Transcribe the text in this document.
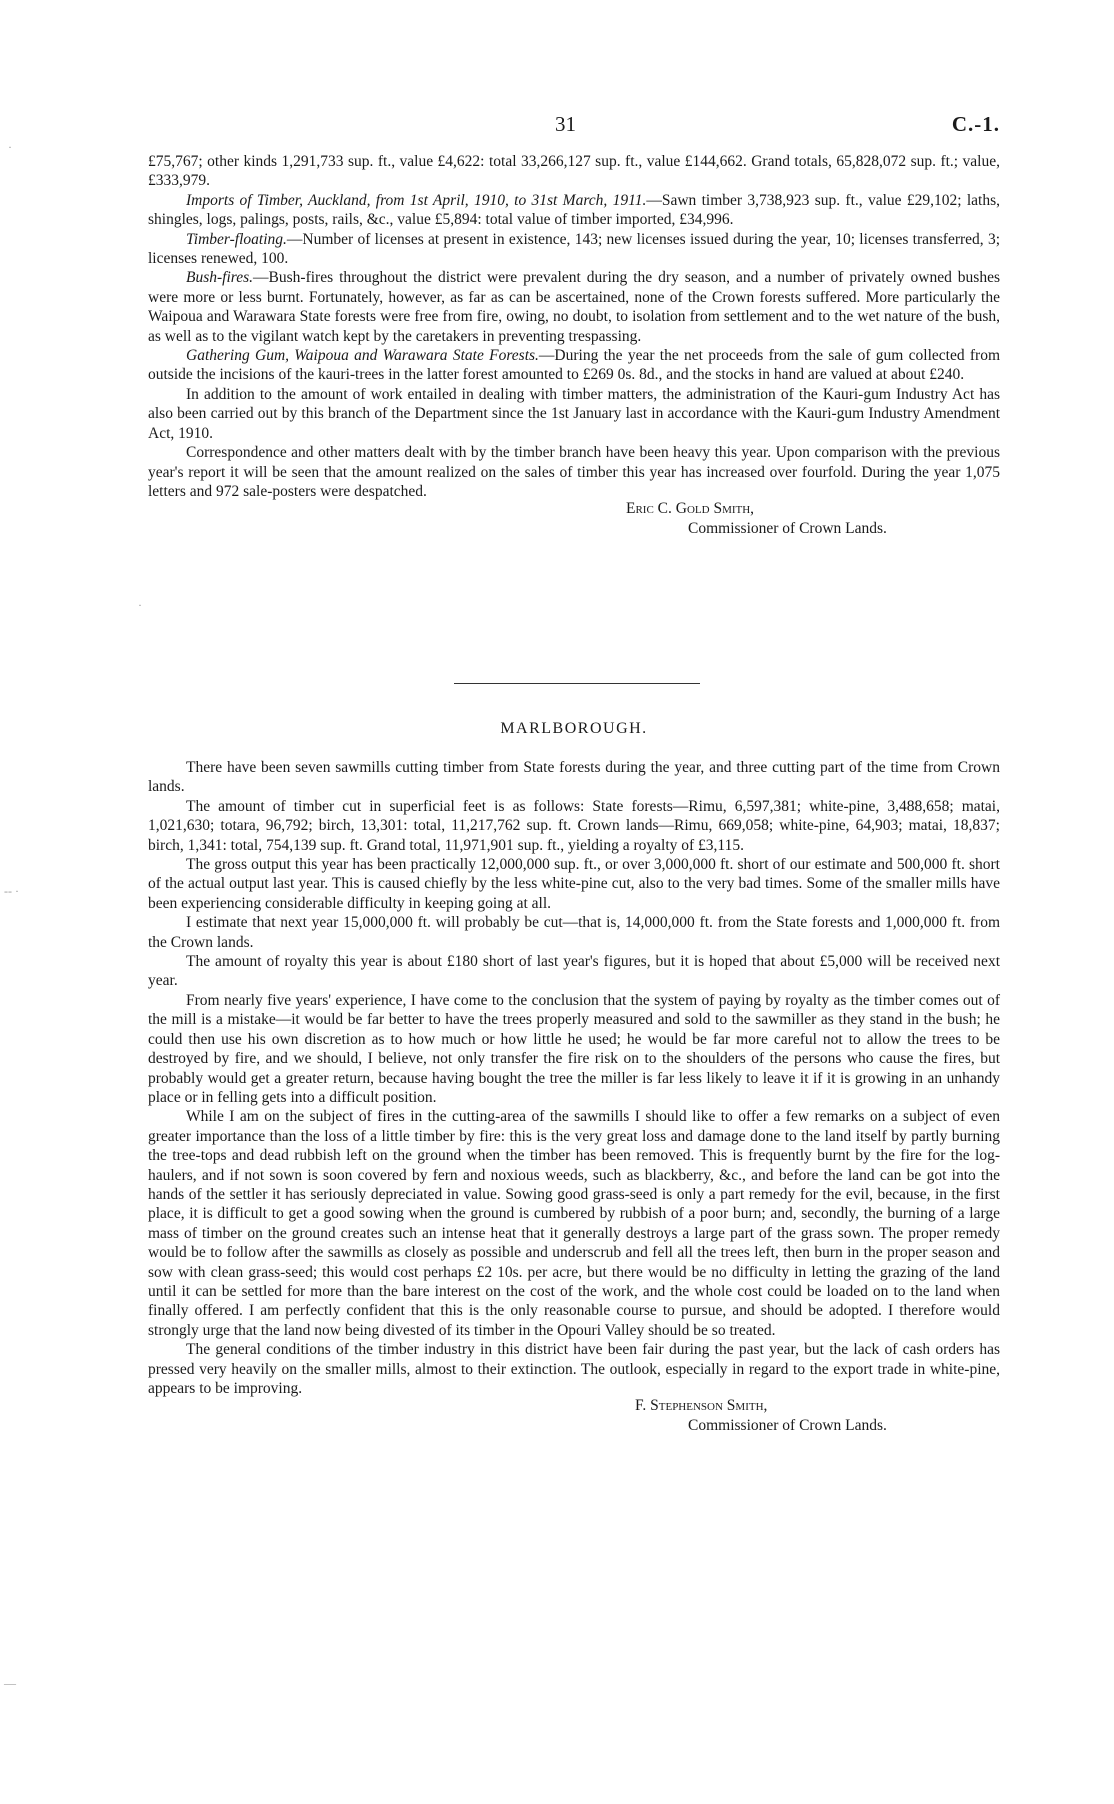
·
·
-- ·
—
31	C.-1.

£75,767; other kinds 1,291,733 sup. ft., value £4,622: total 33,266,127 sup. ft., value £144,662. Grand totals, 65,828,072 sup. ft.; value, £333,979.

Imports of Timber, Auckland, from 1st April, 1910, to 31st March, 1911.—Sawn timber 3,738,923 sup. ft., value £29,102; laths, shingles, logs, palings, posts, rails, &c., value £5,894: total value of timber imported, £34,996.

Timber-floating.—Number of licenses at present in existence, 143; new licenses issued during the year, 10; licenses transferred, 3; licenses renewed, 100.

Bush-fires.—Bush-fires throughout the district were prevalent during the dry season, and a number of privately owned bushes were more or less burnt. Fortunately, however, as far as can be ascertained, none of the Crown forests suffered. More particularly the Waipoua and Warawara State forests were free from fire, owing, no doubt, to isolation from settlement and to the wet nature of the bush, as well as to the vigilant watch kept by the caretakers in preventing trespassing.

Gathering Gum, Waipoua and Warawara State Forests.—During the year the net proceeds from the sale of gum collected from outside the incisions of the kauri-trees in the latter forest amounted to £269 0s. 8d., and the stocks in hand are valued at about £240.

In addition to the amount of work entailed in dealing with timber matters, the administration of the Kauri-gum Industry Act has also been carried out by this branch of the Department since the 1st January last in accordance with the Kauri-gum Industry Amendment Act, 1910.

Correspondence and other matters dealt with by the timber branch have been heavy this year. Upon comparison with the previous year's report it will be seen that the amount realized on the sales of timber this year has increased over fourfold. During the year 1,075 letters and 972 sale-posters were despatched.

Eric C. Gold Smith,
Commissioner of Crown Lands.
MARLBOROUGH.

There have been seven sawmills cutting timber from State forests during the year, and three cutting part of the time from Crown lands.

The amount of timber cut in superficial feet is as follows: State forests—Rimu, 6,597,381; white-pine, 3,488,658; matai, 1,021,630; totara, 96,792; birch, 13,301: total, 11,217,762 sup. ft. Crown lands—Rimu, 669,058; white-pine, 64,903; matai, 18,837; birch, 1,341: total, 754,139 sup. ft. Grand total, 11,971,901 sup. ft., yielding a royalty of £3,115.

The gross output this year has been practically 12,000,000 sup. ft., or over 3,000,000 ft. short of our estimate and 500,000 ft. short of the actual output last year. This is caused chiefly by the less white-pine cut, also to the very bad times. Some of the smaller mills have been experiencing considerable difficulty in keeping going at all.

I estimate that next year 15,000,000 ft. will probably be cut—that is, 14,000,000 ft. from the State forests and 1,000,000 ft. from the Crown lands.

The amount of royalty this year is about £180 short of last year's figures, but it is hoped that about £5,000 will be received next year.

From nearly five years' experience, I have come to the conclusion that the system of paying by royalty as the timber comes out of the mill is a mistake—it would be far better to have the trees properly measured and sold to the sawmiller as they stand in the bush; he could then use his own discretion as to how much or how little he used; he would be far more careful not to allow the trees to be destroyed by fire, and we should, I believe, not only transfer the fire risk on to the shoulders of the persons who cause the fires, but probably would get a greater return, because having bought the tree the miller is far less likely to leave it if it is growing in an unhandy place or in felling gets into a difficult position.

While I am on the subject of fires in the cutting-area of the sawmills I should like to offer a few remarks on a subject of even greater importance than the loss of a little timber by fire: this is the very great loss and damage done to the land itself by partly burning the tree-tops and dead rubbish left on the ground when the timber has been removed. This is frequently burnt by the fire for the log-haulers, and if not sown is soon covered by fern and noxious weeds, such as blackberry, &c., and before the land can be got into the hands of the settler it has seriously depreciated in value. Sowing good grass-seed is only a part remedy for the evil, because, in the first place, it is difficult to get a good sowing when the ground is cumbered by rubbish of a poor burn; and, secondly, the burning of a large mass of timber on the ground creates such an intense heat that it generally destroys a large part of the grass sown. The proper remedy would be to follow after the sawmills as closely as possible and underscrub and fell all the trees left, then burn in the proper season and sow with clean grass-seed; this would cost perhaps £2 10s. per acre, but there would be no difficulty in letting the grazing of the land until it can be settled for more than the bare interest on the cost of the work, and the whole cost could be loaded on to the land when finally offered. I am perfectly confident that this is the only reasonable course to pursue, and should be adopted. I therefore would strongly urge that the land now being divested of its timber in the Opouri Valley should be so treated.

The general conditions of the timber industry in this district have been fair during the past year, but the lack of cash orders has pressed very heavily on the smaller mills, almost to their extinction. The outlook, especially in regard to the export trade in white-pine, appears to be improving.

F. Stephenson Smith,
Commissioner of Crown Lands.
